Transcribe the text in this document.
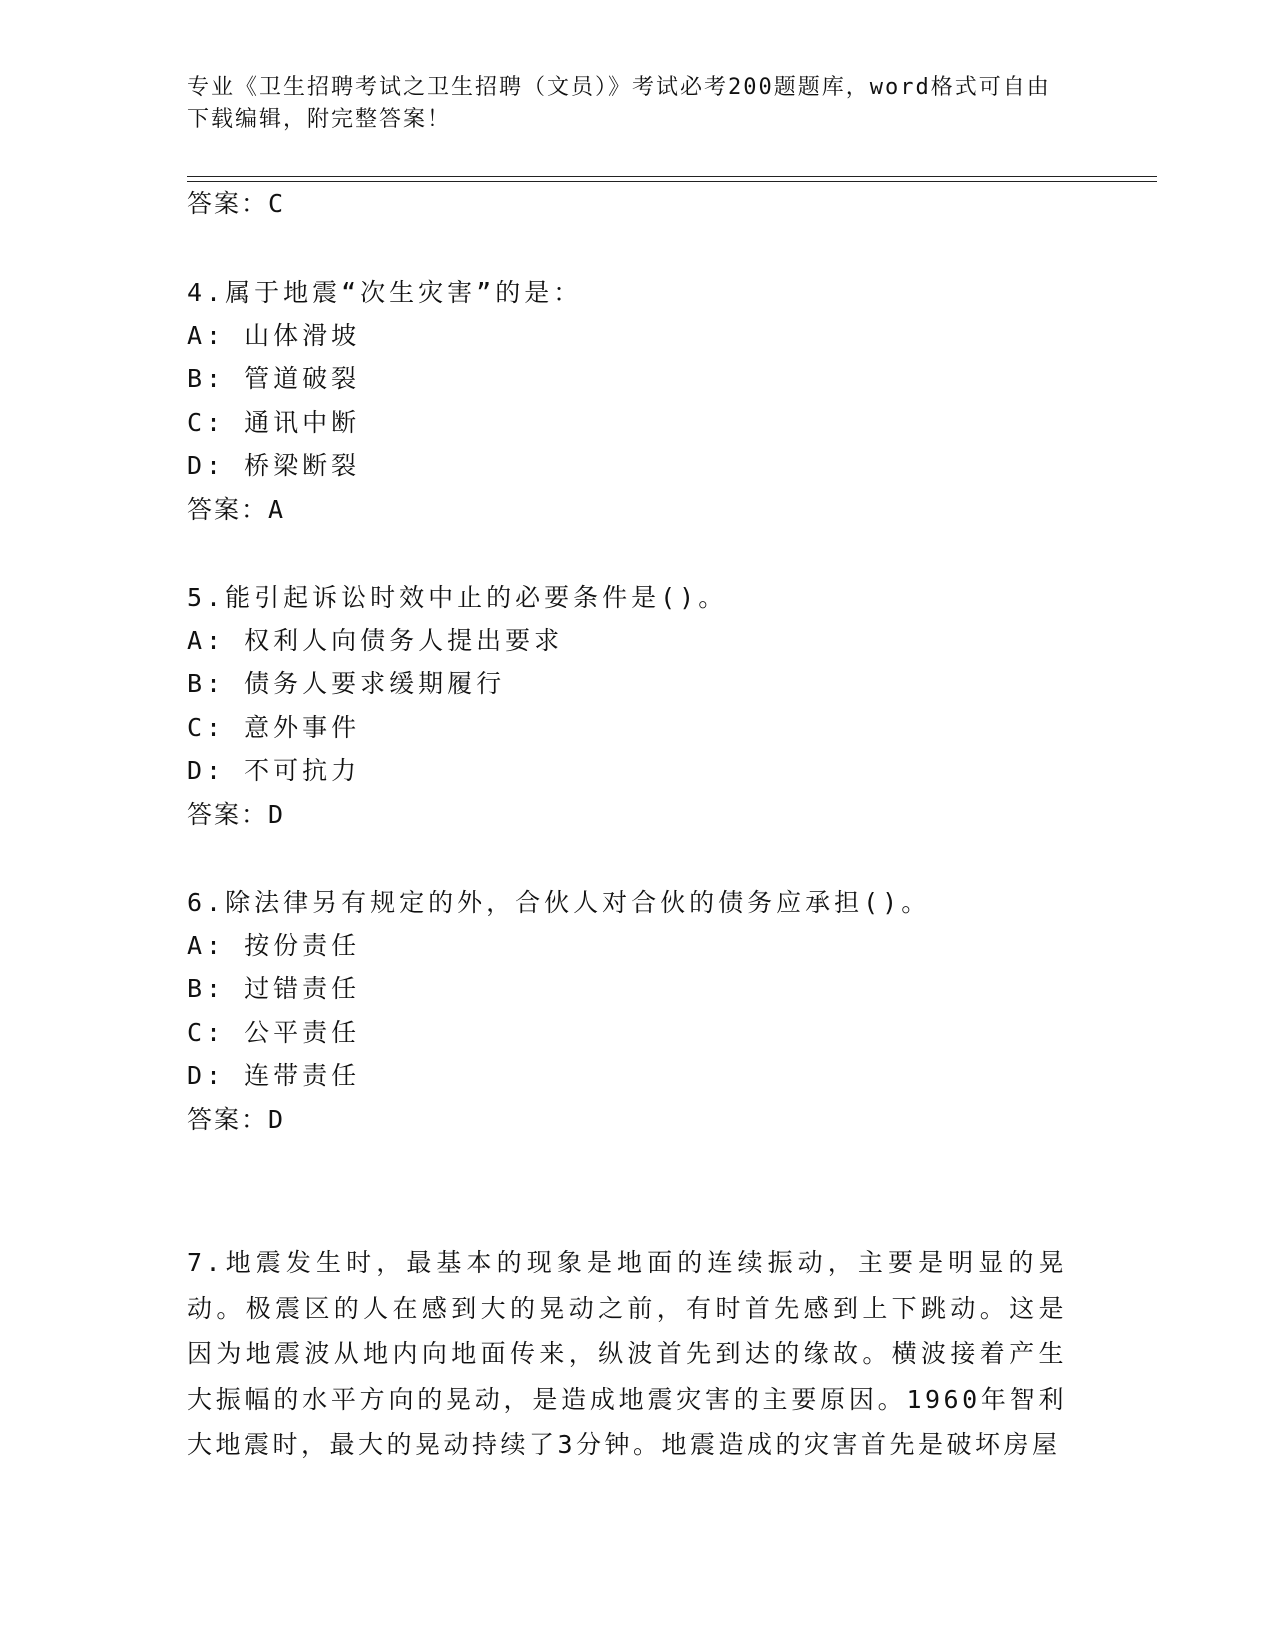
专业《卫生招聘考试之卫生招聘（文员）》考试必考200题题库，word格式可自由下载编辑，附完整答案！
答案：C
4.属于地震“次生灾害”的是：
A: 山体滑坡
B: 管道破裂
C: 通讯中断
D: 桥梁断裂
答案：A
5.能引起诉讼时效中止的必要条件是()。
A: 权利人向债务人提出要求
B: 债务人要求缓期履行
C: 意外事件
D: 不可抗力
答案：D
6.除法律另有规定的外，合伙人对合伙的债务应承担()。
A: 按份责任
B: 过错责任
C: 公平责任
D: 连带责任
答案：D
7.地震发生时，最基本的现象是地面的连续振动，主要是明显的晃动。极震区的人在感到大的晃动之前，有时首先感到上下跳动。这是因为地震波从地内向地面传来，纵波首先到达的缘故。横波接着产生大振幅的水平方向的晃动，是造成地震灾害的主要原因。1960年智利大地震时，最大的晃动持续了3分钟。地震造成的灾害首先是破坏房屋
